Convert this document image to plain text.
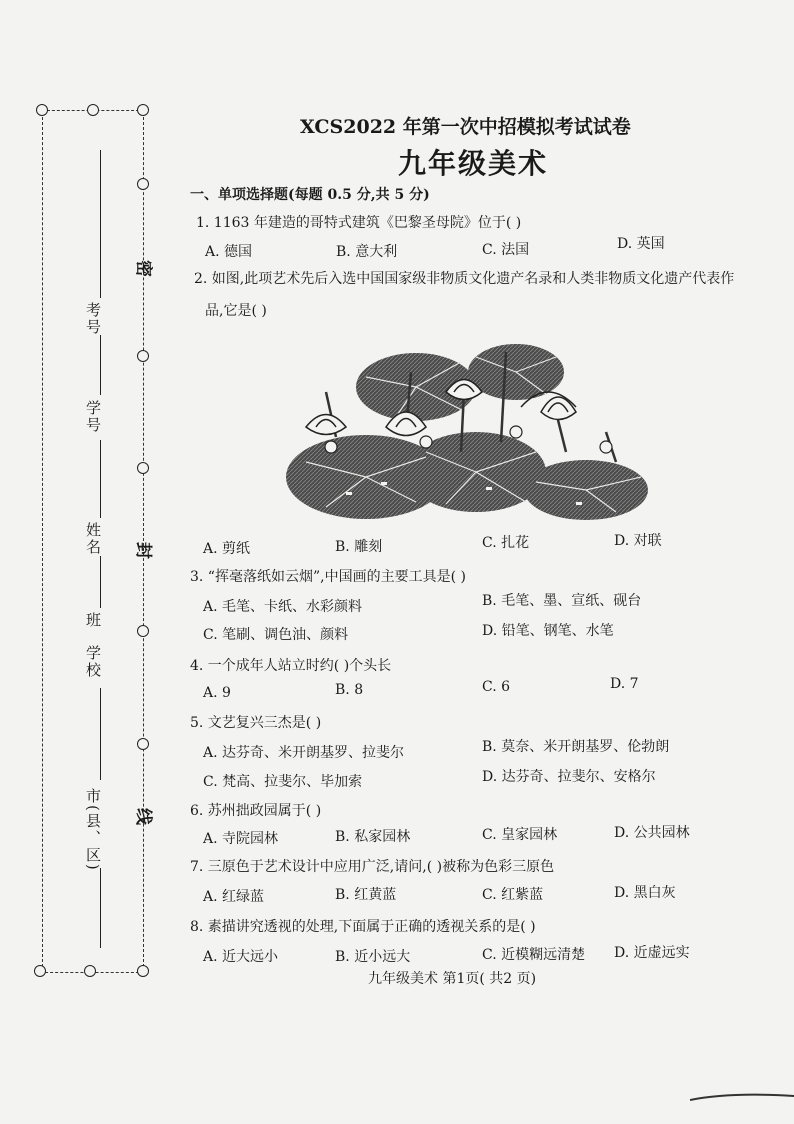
考号
学号
姓名
班
学校
市(县、区)
密
封
线
XCS2022 年第一次中招模拟考试试卷
九年级美术
一、单项选择题(每题 0.5 分,共 5 分)
1. 1163 年建造的哥特式建筑《巴黎圣母院》位于( )
A. 德国	B. 意大利	C. 法国	D. 英国
2. 如图,此项艺术先后入选中国国家级非物质文化遗产名录和人类非物质文化遗产代表作
品,它是( )
A. 剪纸	B. 雕刻	C. 扎花	D. 对联
3. “挥毫落纸如云烟”,中国画的主要工具是( )
A. 毛笔、卡纸、水彩颜料	B. 毛笔、墨、宣纸、砚台
C. 笔刷、调色油、颜料	D. 铅笔、钢笔、水笔
4. 一个成年人站立时约( )个头长
A. 9	B. 8	C. 6	D. 7
5. 文艺复兴三杰是( )
A. 达芬奇、米开朗基罗、拉斐尔	B. 莫奈、米开朗基罗、伦勃朗
C. 梵高、拉斐尔、毕加索	D. 达芬奇、拉斐尔、安格尔
6. 苏州拙政园属于( )
A. 寺院园林	B. 私家园林	C. 皇家园林	D. 公共园林
7. 三原色于艺术设计中应用广泛,请问,( )被称为色彩三原色
A. 红绿蓝	B. 红黄蓝	C. 红紫蓝	D. 黑白灰
8. 素描讲究透视的处理,下面属于正确的透视关系的是( )
A. 近大远小	B. 近小远大	C. 近模糊远清楚 D. 近虚远实
九年级美术 第1页( 共2 页)
